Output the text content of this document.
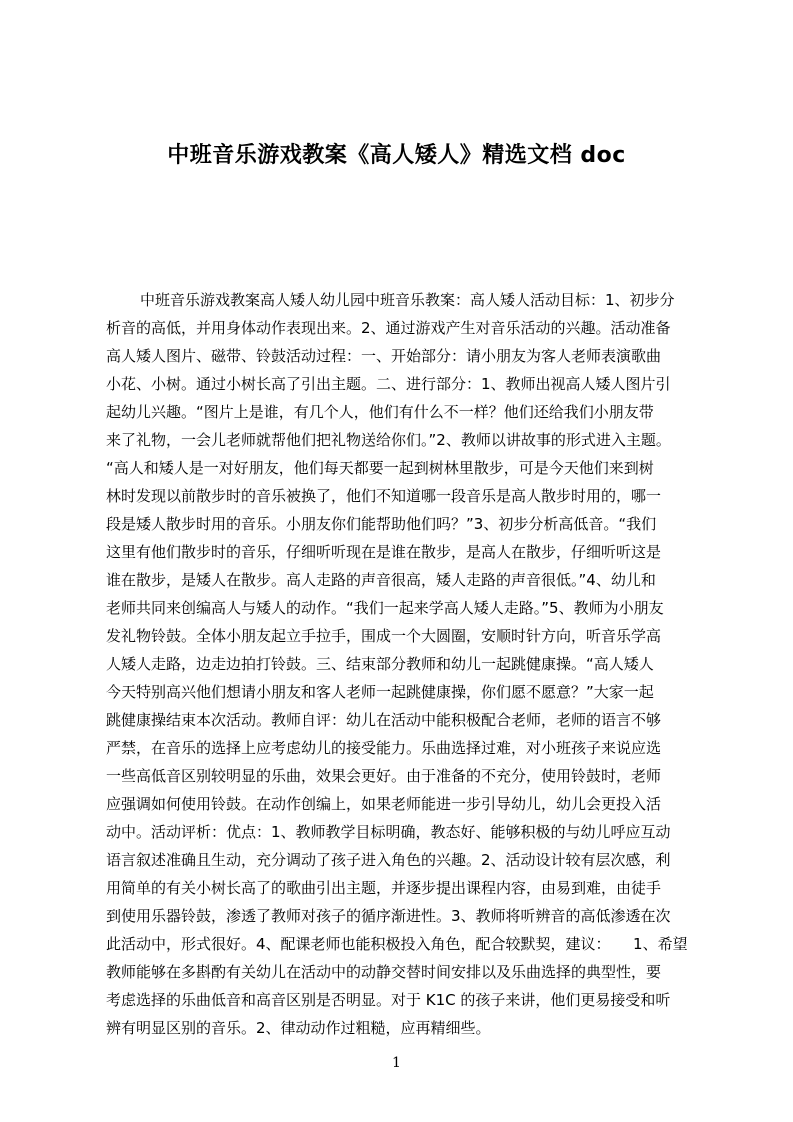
中班音乐游戏教案《高人矮人》精选文档 doc
中班音乐游戏教案高人矮人幼儿园中班音乐教案：高人矮人活动目标：1、初步分
析音的高低，并用身体动作表现出来。2、通过游戏产生对音乐活动的兴趣。活动准备
高人矮人图片、磁带、铃鼓活动过程：一、开始部分：请小朋友为客人老师表演歌曲
小花、小树。通过小树长高了引出主题。二、进行部分：1、教师出视高人矮人图片引
起幼儿兴趣。“图片上是谁，有几个人，他们有什么不一样？他们还给我们小朋友带
来了礼物，一会儿老师就帮他们把礼物送给你们。”2、教师以讲故事的形式进入主题。
“高人和矮人是一对好朋友，他们每天都要一起到树林里散步，可是今天他们来到树
林时发现以前散步时的音乐被换了，他们不知道哪一段音乐是高人散步时用的，哪一
段是矮人散步时用的音乐。小朋友你们能帮助他们吗？”3、初步分析高低音。“我们
这里有他们散步时的音乐，仔细听听现在是谁在散步，是高人在散步，仔细听听这是
谁在散步，是矮人在散步。高人走路的声音很高，矮人走路的声音很低。”4、幼儿和
老师共同来创编高人与矮人的动作。“我们一起来学高人矮人走路。”5、教师为小朋友
发礼物铃鼓。全体小朋友起立手拉手，围成一个大圆圈，安顺时针方向，听音乐学高
人矮人走路，边走边拍打铃鼓。三、结束部分教师和幼儿一起跳健康操。“高人矮人
今天特别高兴他们想请小朋友和客人老师一起跳健康操，你们愿不愿意？”大家一起
跳健康操结束本次活动。教师自评：幼儿在活动中能积极配合老师，老师的语言不够
严禁，在音乐的选择上应考虑幼儿的接受能力。乐曲选择过难，对小班孩子来说应选
一些高低音区别较明显的乐曲，效果会更好。由于准备的不充分，使用铃鼓时，老师
应强调如何使用铃鼓。在动作创编上，如果老师能进一步引导幼儿，幼儿会更投入活
动中。活动评析：优点：1、教师教学目标明确，教态好、能够积极的与幼儿呼应互动
语言叙述准确且生动，充分调动了孩子进入角色的兴趣。2、活动设计较有层次感，利
用简单的有关小树长高了的歌曲引出主题，并逐步提出课程内容，由易到难，由徒手
到使用乐器铃鼓，渗透了教师对孩子的循序渐进性。3、教师将听辨音的高低渗透在次
此活动中，形式很好。4、配课老师也能积极投入角色，配合较默契，建议：　　1、希望
教师能够在多斟酌有关幼儿在活动中的动静交替时间安排以及乐曲选择的典型性，要
考虑选择的乐曲低音和高音区别是否明显。对于 K1C 的孩子来讲，他们更易接受和听
辨有明显区别的音乐。2、律动动作过粗糙，应再精细些。
1
